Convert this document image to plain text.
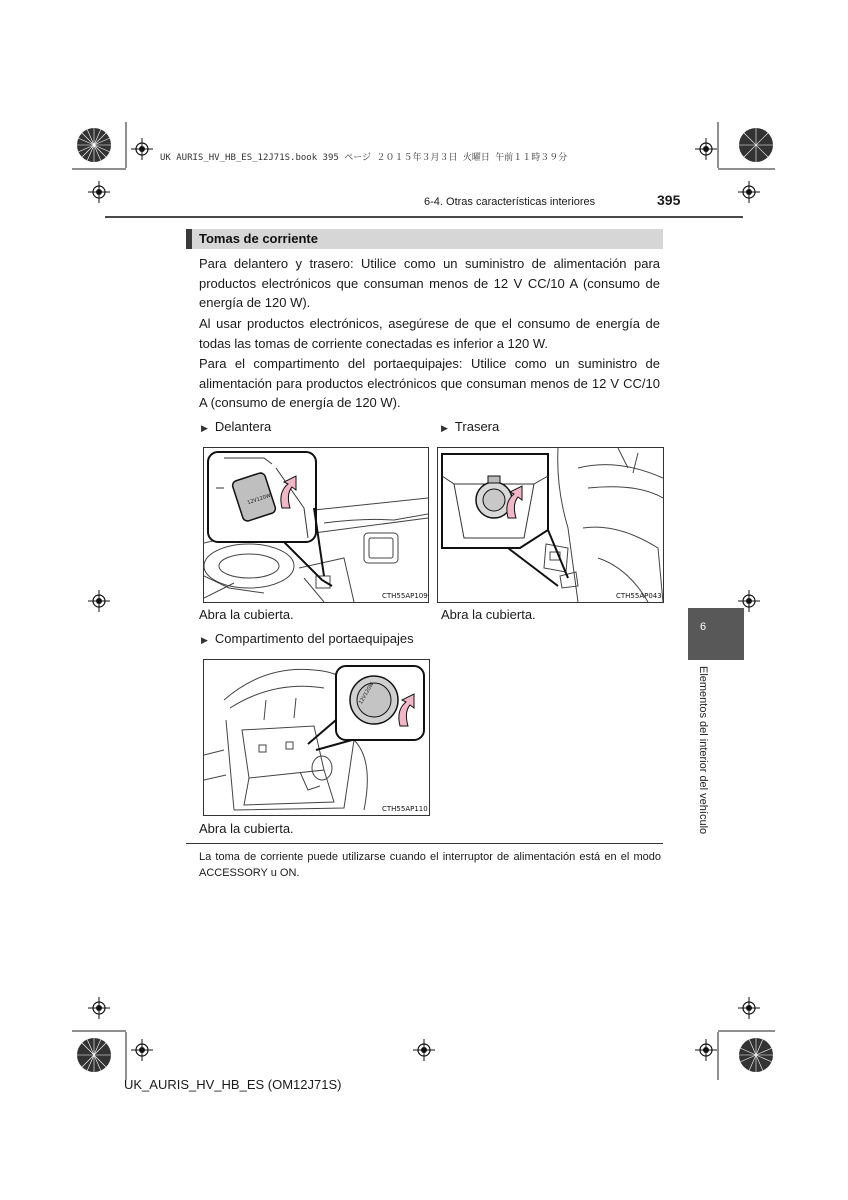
UK AURIS_HV_HB_ES_12J71S.book 395 ページ ２０１５年３月３日 火曜日 午前１１時３９分
6-4. Otras características interiores	395
Tomas de corriente
Para delantero y trasero: Utilice como un suministro de alimentación para productos electrónicos que consuman menos de 12 V CC/10 A (consumo de energía de 120 W).
Al usar productos electrónicos, asegúrese de que el consumo de energía de todas las tomas de corriente conectadas es inferior a 120 W.
Para el compartimento del portaequipajes: Utilice como un suministro de alimentación para productos electrónicos que consuman menos de 12 V CC/10 A (consumo de energía de 120 W).
▶ Delantera	▶ Trasera
12V120W
CTH55AP109	CTH55AP043
Abra la cubierta.	Abra la cubierta.
▶ Compartimento del portaequipajes
12V120W
CTH55AP110
Abra la cubierta.
La toma de corriente puede utilizarse cuando el interruptor de alimentación está en el modo ACCESSORY u ON.
6
Elementos del interior del vehículo
UK_AURIS_HV_HB_ES (OM12J71S)
